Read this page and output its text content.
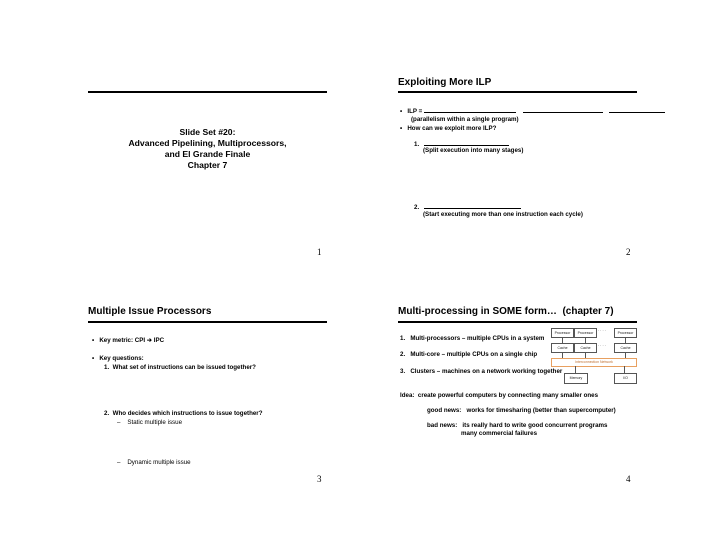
Slide Set #20:
Advanced Pipelining, Multiprocessors,
and El Grande Finale
Chapter 7
1
Exploiting More ILP
• ILP =
(parallelism within a single program)
• How can we exploit more ILP?
1.
(Split execution into many stages)
2.
(Start executing more than one instruction each cycle)
2
Multiple Issue Processors
• Key metric: CPI ➔ IPC
• Key questions:
1.  What set of instructions can be issued together?
2.  Who decides which instructions to issue together?
– Static multiple issue
– Dynamic multiple issue
3
Multi-processing in SOME form…  (chapter 7)
1.   Multi-processors – multiple CPUs in a system
2.   Multi-core – multiple CPUs on a single chip
3.   Clusters – machines on a network working together
Processor	Processor
. . . .
Processor
Cache	Cache
. . . .
Cache
Interconnection Network
Memory	I/O
Idea:  create powerful computers by connecting many smaller ones
good news:   works for timesharing (better than supercomputer)
bad news:   its really hard to write good concurrent programs
many commercial failures
4
